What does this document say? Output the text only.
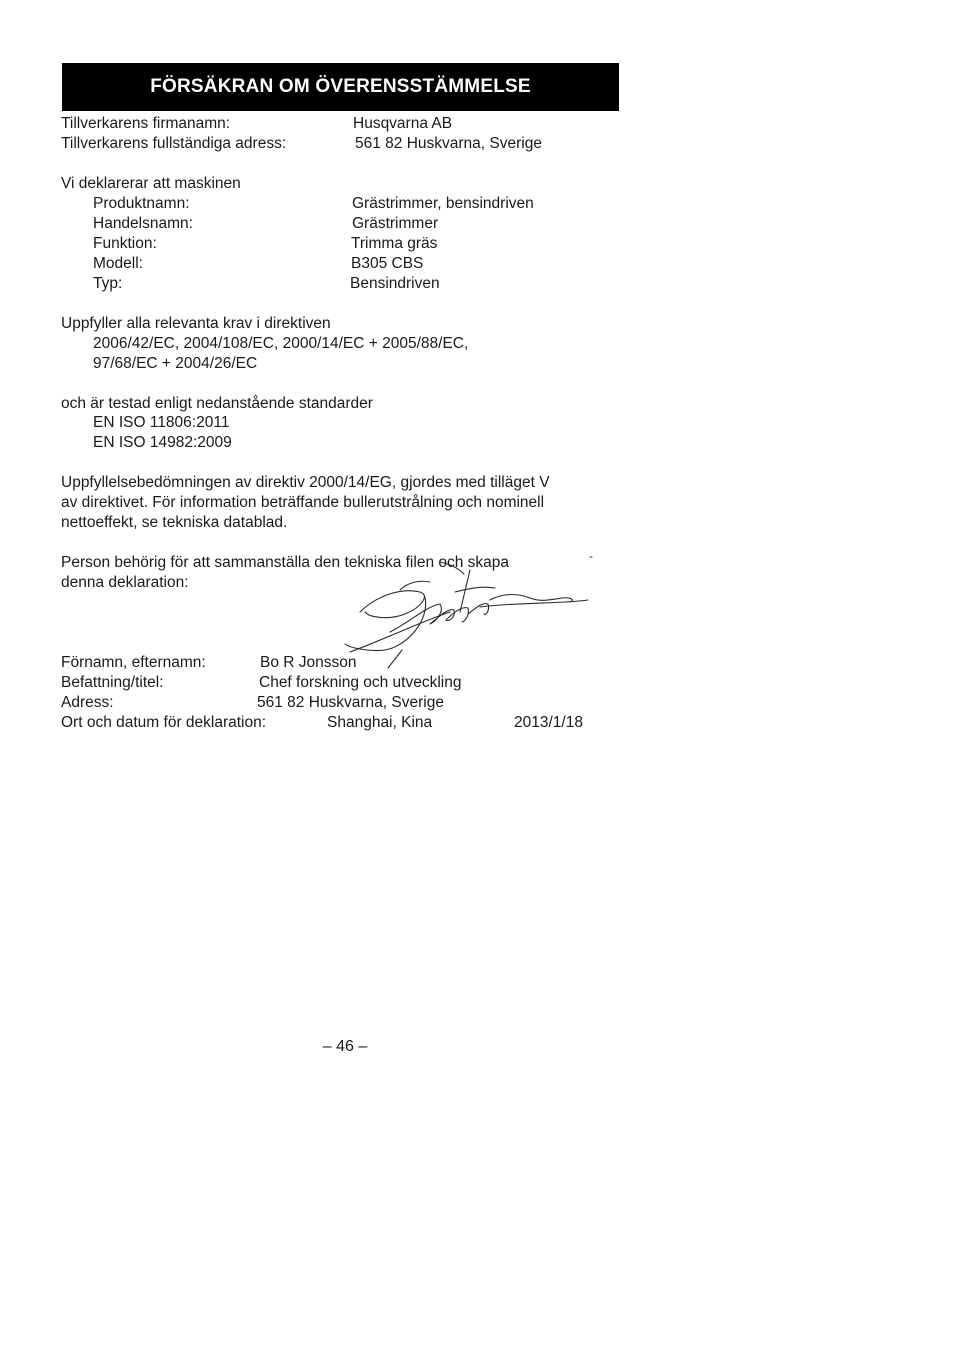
FÖRSÄKRAN OM ÖVERENSSTÄMMELSE
Tillverkarens firmanamn:	Husqvarna AB
Tillverkarens fullständiga adress:	561 82 Huskvarna, Sverige
Vi deklarerar att maskinen
Produktnamn:	Grästrimmer, bensindriven
Handelsnamn:	Grästrimmer
Funktion:	Trimma gräs
Modell:	B305 CBS
Typ:	Bensindriven
Uppfyller alla relevanta krav i direktiven
2006/42/EC, 2004/108/EC, 2000/14/EC + 2005/88/EC,
97/68/EC + 2004/26/EC
och är testad enligt nedanstående standarder
EN ISO 11806:2011
EN ISO 14982:2009
Uppfyllelsebedömningen av direktiv 2000/14/EG, gjordes med tilläget V
av direktivet. För information beträffande bullerutstrålning och nominell
nettoeffekt, se tekniska datablad.
Person behörig för att sammanställa den tekniska filen och skapa
denna deklaration:
-
Förnamn, efternamn:	Bo R Jonsson
Befattning/titel:	Chef forskning och utveckling
Adress:	561 82 Huskvarna, Sverige
Ort och datum för deklaration:	Shanghai, Kina	2013/1/18
– 46 –
